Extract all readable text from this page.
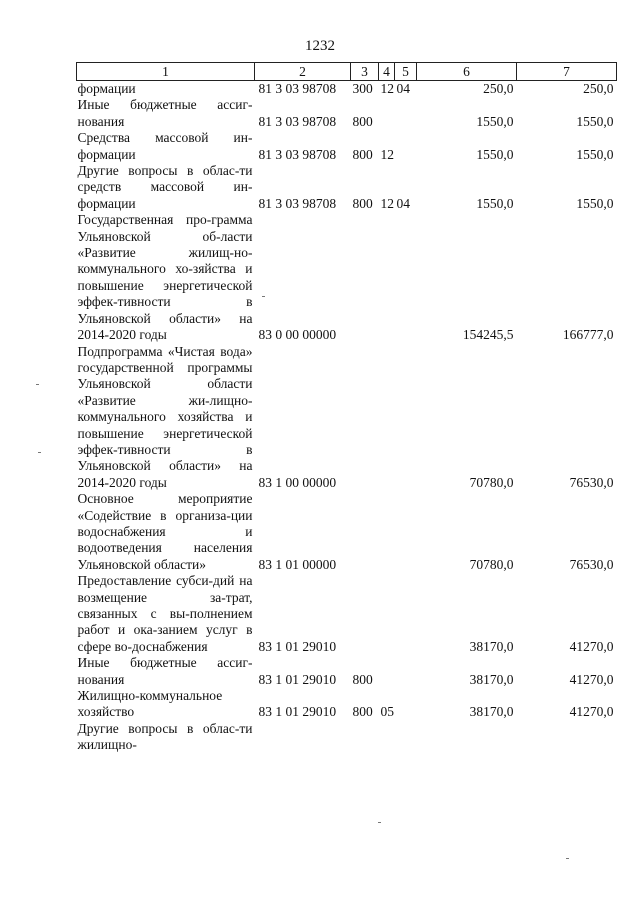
1232
1	2	3	4	5	6	7
формации	81 3 03 98708	300	12	04	250,0	250,0
Иные бюджетные ассиг-нования	81 3 03 98708	800			1550,0	1550,0
Средства массовой ин-формации	81 3 03 98708	800	12		1550,0	1550,0
Другие вопросы в облас-ти средств массовой ин-формации	81 3 03 98708	800	12	04	1550,0	1550,0
Государственная про-грамма Ульяновской об-ласти «Развитие жилищ-но-коммунального хо-зяйства и повышение энергетической эффек-тивности в Ульяновской области» на 2014-2020 годы	83 0 00 00000				154245,5	166777,0
Подпрограмма «Чистая вода» государственной программы Ульяновской области «Развитие жи-лищно-коммунального хозяйства и повышение энергетической эффек-тивности в Ульяновской области» на 2014-2020 годы	83 1 00 00000				70780,0	76530,0
Основное мероприятие «Содействие в организа-ции водоснабжения и водоотведения населения Ульяновской области»	83 1 01 00000				70780,0	76530,0
Предоставление субси-дий на возмещение за-трат, связанных с вы-полнением работ и ока-занием услуг в сфере во-доснабжения	83 1 01 29010				38170,0	41270,0
Иные бюджетные ассиг-нования	83 1 01 29010	800			38170,0	41270,0
Жилищно-коммунальное хозяйство	83 1 01 29010	800	05		38170,0	41270,0
Другие вопросы в облас-ти жилищно-						
